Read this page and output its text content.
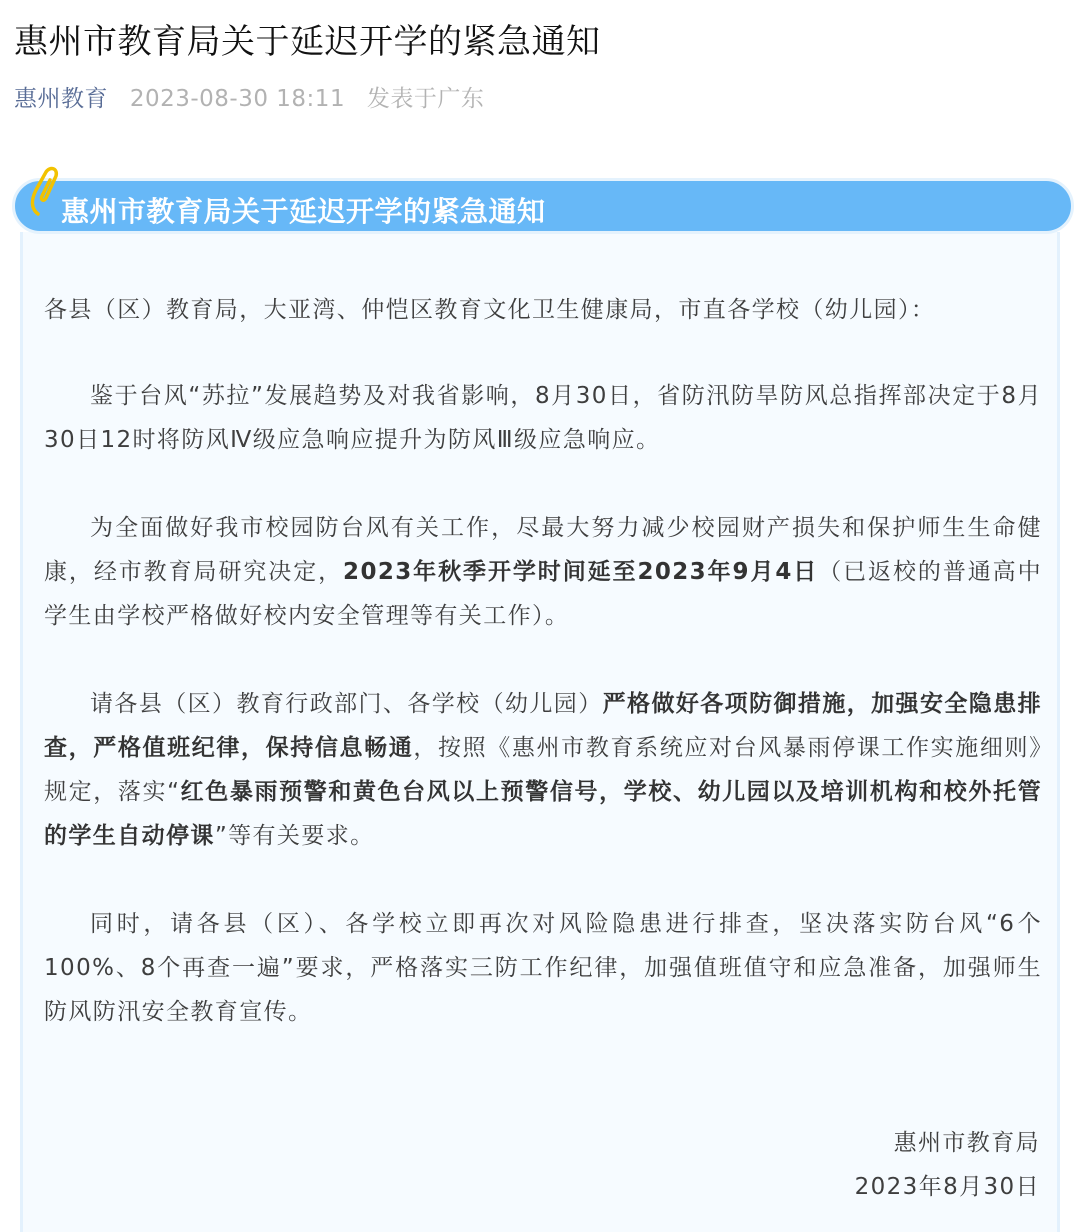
惠州市教育局关于延迟开学的紧急通知
惠州教育 2023-08-30 18:11 发表于广东
惠州市教育局关于延迟开学的紧急通知

各县（区）教育局，大亚湾、仲恺区教育文化卫生健康局，市直各学校（幼儿园）：

鉴于台风“苏拉”发展趋势及对我省影响，8月30日，省防汛防旱防风总指挥部决定于8月30日12时将防风Ⅳ级应急响应提升为防风Ⅲ级应急响应。

为全面做好我市校园防台风有关工作，尽最大努力减少校园财产损失和保护师生生命健康，经市教育局研究决定，2023年秋季开学时间延至2023年9月4日（已返校的普通高中学生由学校严格做好校内安全管理等有关工作）。

请各县（区）教育行政部门、各学校（幼儿园）严格做好各项防御措施，加强安全隐患排查，严格值班纪律，保持信息畅通，按照《惠州市教育系统应对台风暴雨停课工作实施细则》规定，落实“红色暴雨预警和黄色台风以上预警信号，学校、幼儿园以及培训机构和校外托管的学生自动停课”等有关要求。

同时，请各县（区）、各学校立即再次对风险隐患进行排查，坚决落实防台风“6个100%、8个再查一遍”要求，严格落实三防工作纪律，加强值班值守和应急准备，加强师生防风防汛安全教育宣传。

惠州市教育局
2023年8月30日
